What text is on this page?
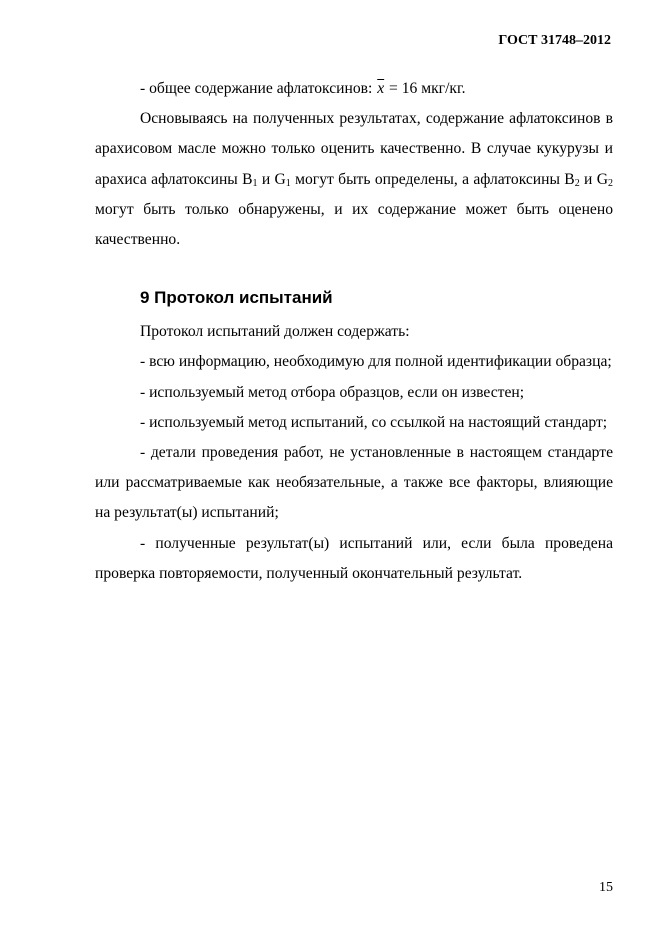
ГОСТ 31748–2012

- общее содержание афлатоксинов: $\overline{x} = 16$ мкг/кг.

Основываясь на полученных результатах, содержание афлатоксинов в арахисовом масле можно только оценить качественно. В случае кукурузы и арахиса афлатоксины $B_1$ и $G_1$ могут быть определены, а афлатоксины $B_2$ и $G_2$ могут быть только обнаружены, и их содержание может быть оценено качественно.

9 Протокол испытаний

Протокол испытаний должен содержать:

- всю информацию, необходимую для полной идентификации образца;

- используемый метод отбора образцов, если он известен;

- используемый метод испытаний, со ссылкой на настоящий стандарт;

- детали проведения работ, не установленные в настоящем стандарте или рассматриваемые как необязательные, а также все факторы, влияющие на результат(ы) испытаний;

- полученные результат(ы) испытаний или, если была проведена проверка повторяемости, полученный окончательный результат.

15
